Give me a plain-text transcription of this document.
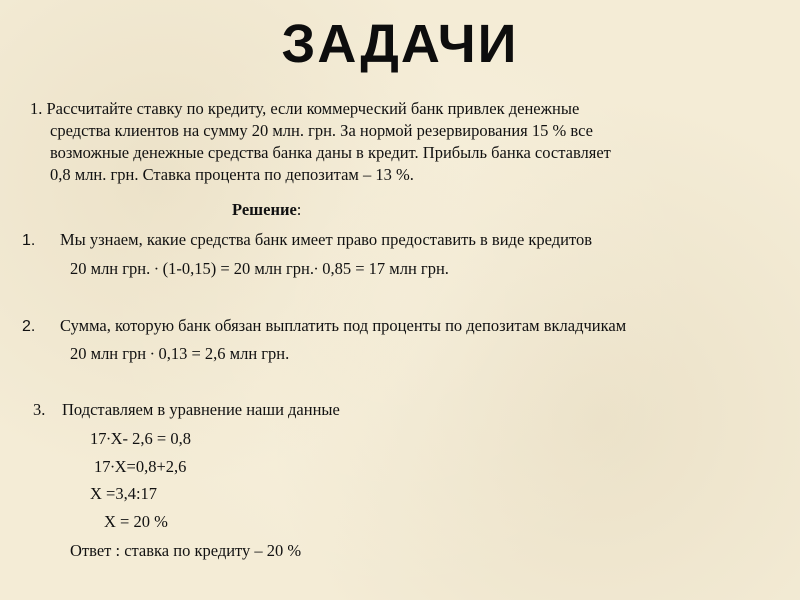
ЗАДАЧИ
1. Рассчитайте ставку по кредиту, если коммерческий банк привлек денежные
средства клиентов на сумму 20 млн. грн. За нормой резервирования 15 % все
возможные денежные средства банка даны в кредит. Прибыль банка составляет
0,8 млн. грн. Ставка процента по депозитам – 13 %.
Решение:
1. Мы узнаем, какие средства банк имеет право предоставить в виде кредитов
20 млн грн. ∙ (1-0,15) = 20 млн грн.∙ 0,85 = 17 млн грн.
2. Сумма, которую банк обязан выплатить под проценты по депозитам вкладчикам
20 млн грн ∙ 0,13 = 2,6 млн грн.
3. Подставляем в уравнение наши данные
17∙Х- 2,6 = 0,8
17∙Х=0,8+2,6
Х =3,4:17
Х = 20 %
Ответ : ставка по кредиту – 20 %
